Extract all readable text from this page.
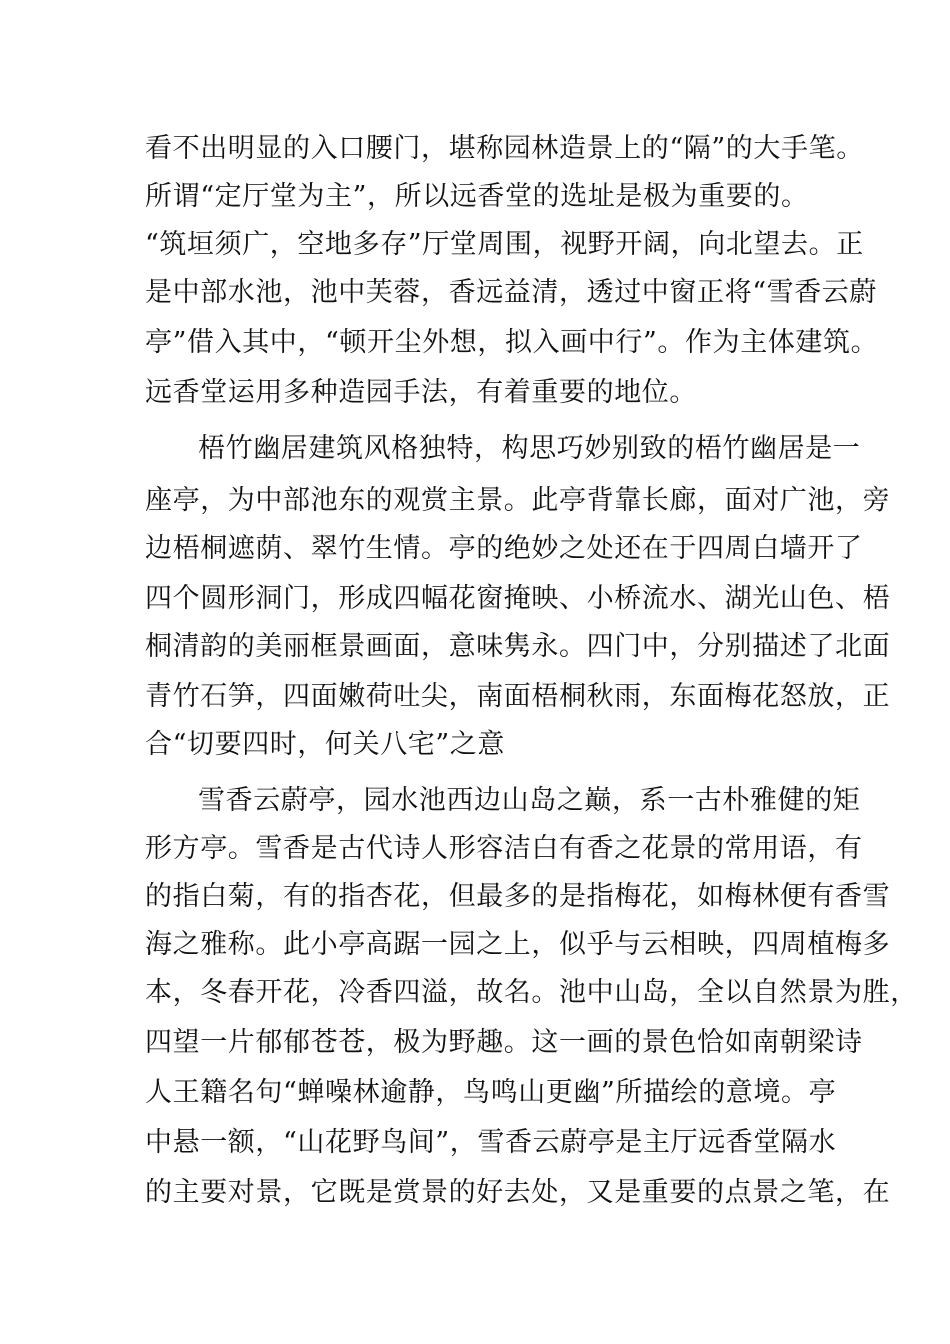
看不出明显的入口腰门，堪称园林造景上的“隔”的大手笔。
所谓“定厅堂为主”，所以远香堂的选址是极为重要的。
“筑垣须广，空地多存”厅堂周围，视野开阔，向北望去。正
是中部水池，池中芙蓉，香远益清，透过中窗正将“雪香云蔚
亭”借入其中，“顿开尘外想，拟入画中行”。作为主体建筑。
远香堂运用多种造园手法，有着重要的地位。
梧竹幽居建筑风格独特，构思巧妙别致的梧竹幽居是一
座亭，为中部池东的观赏主景。此亭背靠长廊，面对广池，旁
边梧桐遮荫、翠竹生情。亭的绝妙之处还在于四周白墙开了
四个圆形洞门，形成四幅花窗掩映、小桥流水、湖光山色、梧
桐清韵的美丽框景画面，意味隽永。四门中，分别描述了北面
青竹石笋，四面嫩荷吐尖，南面梧桐秋雨，东面梅花怒放，正
合“切要四时，何关八宅”之意
雪香云蔚亭，园水池西边山岛之巅，系一古朴雅健的矩
形方亭。雪香是古代诗人形容洁白有香之花景的常用语，有
的指白菊，有的指杏花，但最多的是指梅花，如梅林便有香雪
海之雅称。此小亭高踞一园之上，似乎与云相映，四周植梅多
本，冬春开花，冷香四溢，故名。池中山岛，全以自然景为胜，
四望一片郁郁苍苍，极为野趣。这一画的景色恰如南朝梁诗
人王籍名句“蝉噪林逾静，鸟鸣山更幽”所描绘的意境。亭
中悬一额，“山花野鸟间”，雪香云蔚亭是主厅远香堂隔水
的主要对景，它既是赏景的好去处，又是重要的点景之笔，在
